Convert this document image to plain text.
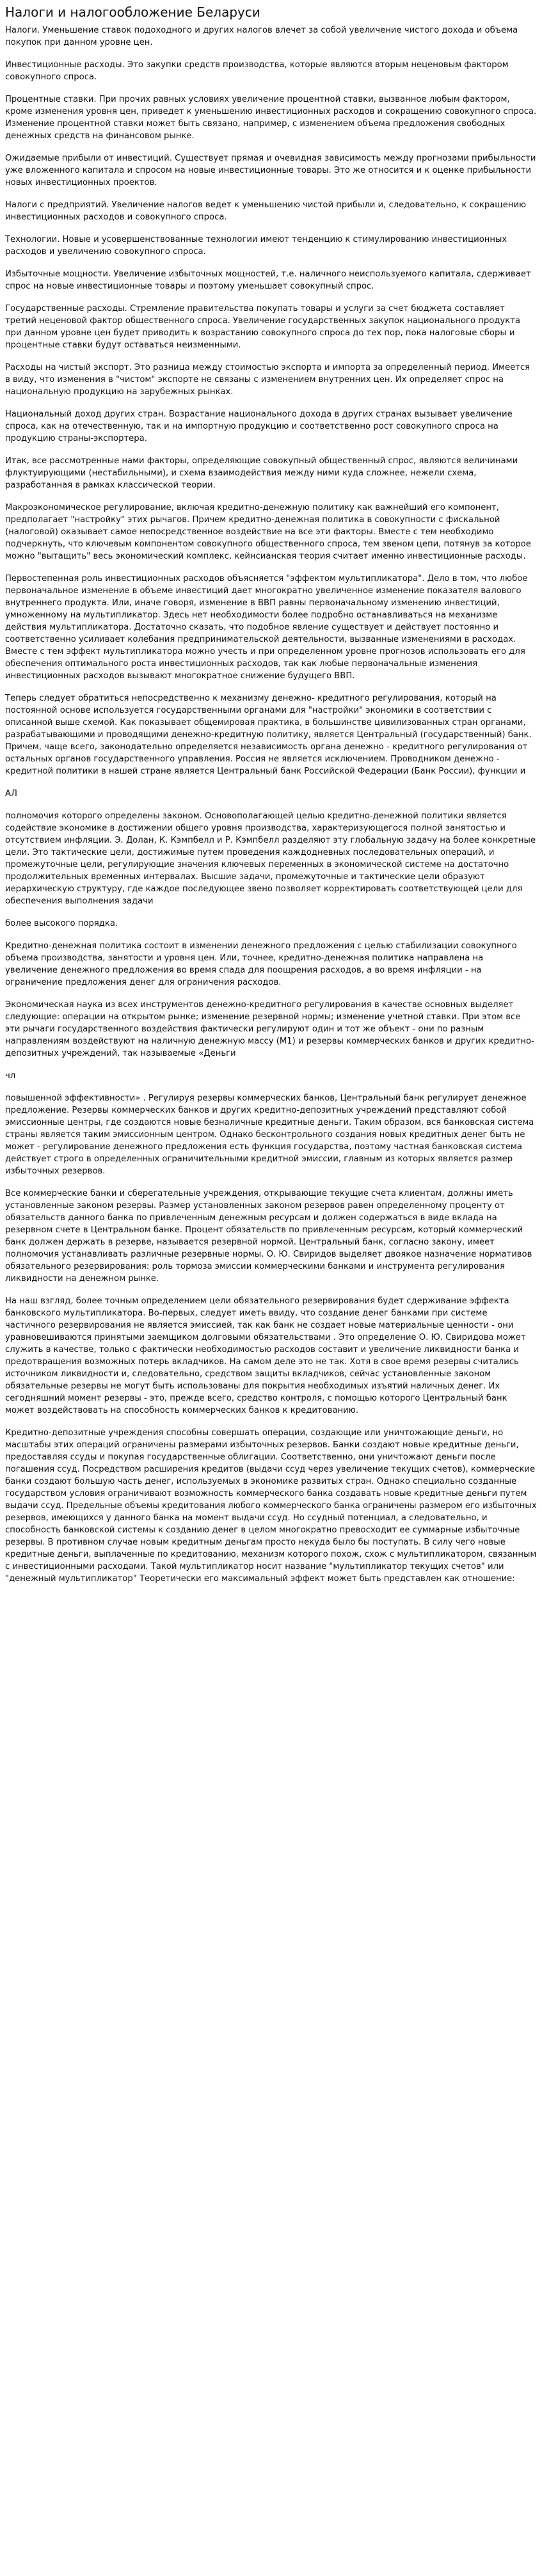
Налоги и налогообложение Беларуси

Налоги. Уменьшение ставок подоходного и других налогов влечет за собой увеличение чистого дохода и объема покупок при данном уровне цен.

Инвестиционные расходы. Это закупки средств производства, которые являются вторым неценовым фактором совокупного спроса.

Процентные ставки. При прочих равных условиях увеличение процентной ставки, вызванное любым фактором, кроме изменения уровня цен, приведет к уменьшению инвестиционных расходов и сокращению совокупного спроса. Изменение процентной ставки может быть связано, например, с изменением объема предложения свободных денежных средств на финансовом рынке.

Ожидаемые прибыли от инвестиций. Существует прямая и очевидная зависимость между прогнозами прибыльности уже вложенного капитала и спросом на новые инвестиционные товары. Это же относится и к оценке прибыльности новых инвестиционных проектов.

Налоги с предприятий. Увеличение налогов ведет к уменьшению чистой прибыли и, следовательно, к сокращению инвестиционных расходов и совокупного спроса.

Технологии. Новые и усовершенствованные технологии имеют тенденцию к стимулированию инвестиционных расходов и увеличению совокупного спроса.

Избыточные мощности. Увеличение избыточных мощностей, т.е. наличного неиспользуемого капитала, сдерживает спрос на новые инвестиционные товары и поэтому уменьшает совокупный спрос.

Государственные расходы. Стремление правительства покупать товары и услуги за счет бюджета составляет третий неценовой фактор общественного спроса. Увеличение государственных закупок национального продукта при данном уровне цен будет приводить к возрастанию совокупного спроса до тех пор, пока налоговые сборы и процентные ставки будут оставаться неизменными.

Расходы на чистый экспорт. Это разница между стоимостью экспорта и импорта за определенный период. Имеется в виду, что изменения в "чистом" экспорте не связаны с изменением внутренних цен. Их определяет спрос на национальную продукцию на зарубежных рынках.

Национальный доход других стран. Возрастание национального дохода в других странах вызывает увеличение спроса, как на отечественную, так и на импортную продукцию и соответственно рост совокупного спроса на продукцию страны-экспортера.

Итак, все рассмотренные нами факторы, определяющие совокупный общественный спрос, являются величинами флуктуирующими (нестабильными), и схема взаимодействия между ними куда сложнее, нежели схема, разработанная в рамках классической теории.

Макроэкономическое регулирование, включая кредитно-денежную политику как важнейший его компонент, предполагает "настройку" этих рычагов. Причем кредитно-денежная политика в совокупности с фискальной (налоговой) оказывает самое непосредственное воздействие на все эти факторы. Вместе с тем необходимо подчеркнуть, что ключевым компонентом совокупного общественного спроса, тем звеном цепи, потянув за которое можно "вытащить" весь экономический комплекс, кейнсианская теория считает именно инвестиционные расходы.

Первостепенная роль инвестиционных расходов объясняется "эффектом мультипликатора". Дело в том, что любое первоначальное изменение в объеме инвестиций дает многократно увеличенное изменение показателя валового внутреннего продукта. Или, иначе говоря, изменение в ВВП равны первоначальному изменению инвестиций, умноженному на мультипликатор. Здесь нет необходимости более подробно останавливаться на механизме действия мультипликатора. Достаточно сказать, что подобное явление существует и действует постоянно и соответственно усиливает колебания предпринимательской деятельности, вызванные изменениями в расходах. Вместе с тем эффект мультипликатора можно учесть и при определенном уровне прогнозов использовать его для обеспечения оптимального роста инвестиционных расходов, так как любые первоначальные изменения инвестиционных расходов вызывают многократное снижение будущего ВВП.

Теперь следует обратиться непосредственно к механизму денежно- кредитного регулирования, который на постоянной основе используется государственными органами для "настройки" экономики в соответствии с описанной выше схемой. Как показывает общемировая практика, в большинстве цивилизованных стран органами, разрабатывающими и проводящими денежно-кредитную политику, является Центральный (государственный) банк. Причем, чаще всего, законодательно определяется независимость органа денежно - кредитного регулирования от остальных органов государственного управления. Россия не является исключением. Проводником денежно - кредитной политики в нашей стране является Центральный банк Российской Федерации (Банк России), функции и

АЛ

полномочия которого определены законом. Основополагающей целью кредитно-денежной политики является содействие экономике в достижении общего уровня производства, характеризующегося полной занятостью и отсутствием инфляции. Э. Долан, К. Кэмпбелл и Р. Кэмпбелл разделяют эту глобальную задачу на более конкретные цели. Это тактические цели, достижимые путем проведения каждодневных последовательных операций, и промежуточные цели, регулирующие значения ключевых переменных в экономической системе на достаточно продолжительных временных интервалах. Высшие задачи, промежуточные и тактические цели образуют иерархическую структуру, где каждое последующее звено позволяет корректировать соответствующей цели для обеспечения выполнения задачи

более высокого порядка.

Кредитно-денежная политика состоит в изменении денежного предложения с целью стабилизации совокупного объема производства, занятости и уровня цен. Или, точнее, кредитно-денежная политика направлена на увеличение денежного предложения во время спада для поощрения расходов, а во время инфляции - на ограничение предложения денег для ограничения расходов.

Экономическая наука из всех инструментов денежно-кредитного регулирования в качестве основных выделяет следующие: операции на открытом рынке; изменение резервной нормы; изменение учетной ставки. При этом все эти рычаги государственного воздействия фактически регулируют один и тот же объект - они по разным направлениям воздействуют на наличную денежную массу (М1) и резервы коммерческих банков и других кредитно-депозитных учреждений, так называемые «Деньги

чл

повышенной эффективности» . Регулируя резервы коммерческих банков, Центральный банк регулирует денежное предложение. Резервы коммерческих банков и других кредитно-депозитных учреждений представляют собой эмиссионные центры, где создаются новые безналичные кредитные деньги. Таким образом, вся банковская система страны является таким эмиссионным центром. Однако бесконтрольного создания новых кредитных денег быть не может - регулирование денежного предложения есть функция государства, поэтому частная банковская система действует строго в определенных ограничительными кредитной эмиссии, главным из которых является размер избыточных резервов.

Все коммерческие банки и сберегательные учреждения, открывающие текущие счета клиентам, должны иметь установленные законом резервы. Размер установленных законом резервов равен определенному проценту от обязательств данного банка по привлеченным денежным ресурсам и должен содержаться в виде вклада на резервном счете в Центральном банке. Процент обязательств по привлеченным ресурсам, который коммерческий банк должен держать в резерве, называется резервной нормой. Центральный банк, согласно закону, имеет полномочия устанавливать различные резервные нормы. О. Ю. Свиридов выделяет двоякое назначение нормативов обязательного резервирования: роль тормоза эмиссии коммерческими банками и инструмента регулирования ликвидности на денежном рынке.

На наш взгляд, более точным определением цели обязательного резервирования будет сдерживание эффекта банковского мультипликатора. Во-первых, следует иметь ввиду, что создание денег банками при системе частичного резервирования не является эмиссией, так как банк не создает новые материальные ценности - они уравновешиваются принятыми заемщиком долговыми обязательствами . Это определение О. Ю. Свиридова может служить в качестве, только с фактически необходимостью расходов составит и увеличение ликвидности банка и предотвращения возможных потерь вкладчиков. На самом деле это не так. Хотя в свое время резервы считались источником ликвидности и, следовательно, средством защиты вкладчиков, сейчас установленные законом обязательные резервы не могут быть использованы для покрытия необходимых изъятий наличных денег. Их сегодняшний момент резервы - это, прежде всего, средство контроля, с помощью которого Центральный банк может воздействовать на способность коммерческих банков к кредитованию.

Кредитно-депозитные учреждения способны совершать операции, создающие или уничтожающие деньги, но масштабы этих операций ограничены размерами избыточных резервов. Банки создают новые кредитные деньги, предоставляя ссуды и покупая государственные облигации. Соответственно, они уничтожают деньги после погашения ссуд. Посредством расширения кредитов (выдачи ссуд через увеличение текущих счетов), коммерческие банки создают большую часть денег, используемых в экономике развитых стран. Однако специально созданные государством условия ограничивают возможность коммерческого банка создавать новые кредитные деньги путем выдачи ссуд. Предельные объемы кредитования любого коммерческого банка ограничены размером его избыточных резервов, имеющихся у данного банка на момент выдачи ссуд. Но ссудный потенциал, а следовательно, и способность банковской системы к созданию денег в целом многократно превосходит ее суммарные избыточные резервы. В противном случае новым кредитным деньгам просто некуда было бы поступать. В силу чего новые кредитные деньги, выплаченные по кредитованию, механизм которого похож, схож с мультипликатором, связанным с инвестиционными расходами. Такой мультипликатор носит название "мультипликатор текущих счетов" или "денежный мультипликатор" Теоретически его максимальный эффект может быть представлен как отношение:
